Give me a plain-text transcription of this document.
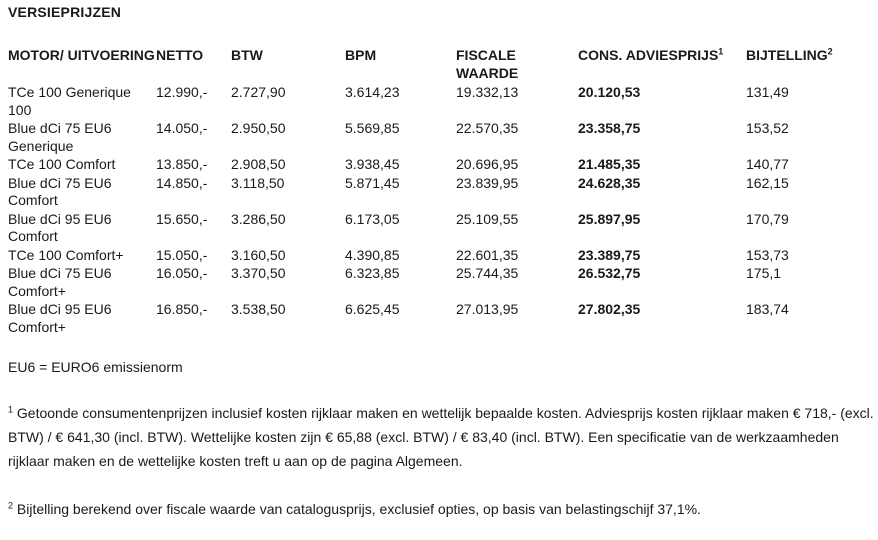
VERSIEPRIJZEN
MOTOR/ UITVOERING	NETTO	BTW	BPM	FISCALE WAARDE	CONS. ADVIESPRIJS$^1$	BIJTELLING$^2$
TCe 100 Generique 100	12.990,-	2.727,90	3.614,23	19.332,13	20.120,53	131,49
Blue dCi 75 EU6 Generique	14.050,-	2.950,50	5.569,85	22.570,35	23.358,75	153,52
TCe 100 Comfort	13.850,-	2.908,50	3.938,45	20.696,95	21.485,35	140,77
Blue dCi 75 EU6 Comfort	14.850,-	3.118,50	5.871,45	23.839,95	24.628,35	162,15
Blue dCi 95 EU6 Comfort	15.650,-	3.286,50	6.173,05	25.109,55	25.897,95	170,79
TCe 100 Comfort+	15.050,-	3.160,50	4.390,85	22.601,35	23.389,75	153,73
Blue dCi 75 EU6 Comfort+	16.050,-	3.370,50	6.323,85	25.744,35	26.532,75	175,1
Blue dCi 95 EU6 Comfort+	16.850,-	3.538,50	6.625,45	27.013,95	27.802,35	183,74
EU6 = EURO6 emissienorm
$^1$ Getoonde consumentenprijzen inclusief kosten rijklaar maken en wettelijk bepaalde kosten. Adviesprijs kosten rijklaar maken € 718,- (excl. BTW) / € 641,30 (incl. BTW). Wettelijke kosten zijn € 65,88 (excl. BTW) / € 83,40 (incl. BTW). Een specificatie van de werkzaamheden rijklaar maken en de wettelijke kosten treft u aan op de pagina Algemeen.
$^2$ Bijtelling berekend over fiscale waarde van catalogusprijs, exclusief opties, op basis van belastingschijf 37,1%.
